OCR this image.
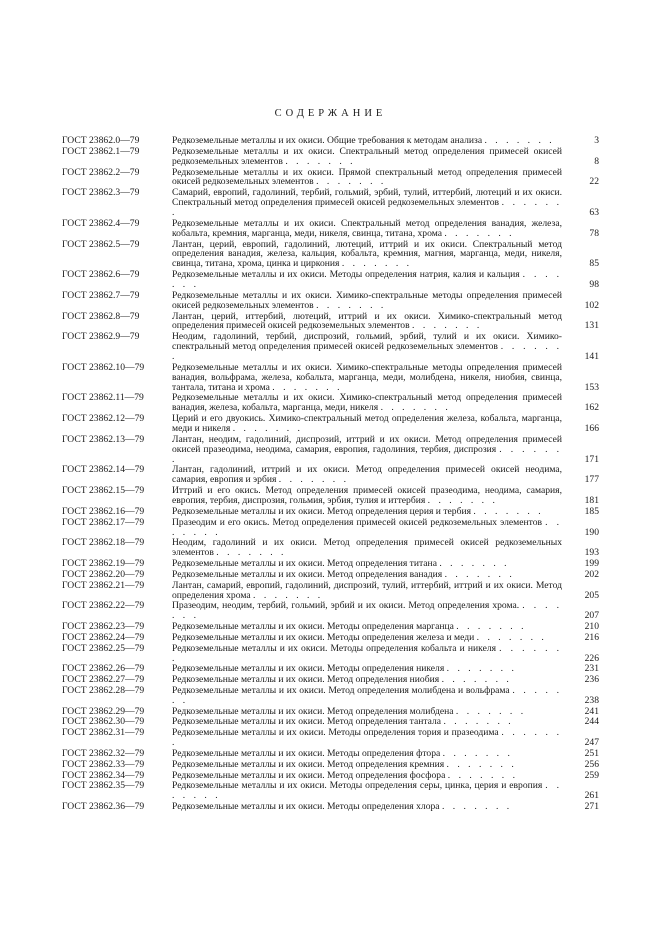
СОДЕРЖАНИЕ
ГОСТ 23862.0—79	Редкоземельные металлы и их окиси. Общие требования к методам анализа . . . . . . .	3
ГОСТ 23862.1—79	Редкоземельные металлы и их окиси. Спектральный метод определения примесей окисей редкоземельных элементов . . . . . . .	8
ГОСТ 23862.2—79	Редкоземельные металлы и их окиси. Прямой спектральный метод определения примесей окисей редкоземельных элементов . . . . . . .	22
ГОСТ 23862.3—79	Самарий, европий, гадолиний, тербий, гольмий, эрбий, тулий, иттербий, лютеций и их окиси. Спектральный метод определения примесей окисей редкоземельных элементов . . . . . . .	63
ГОСТ 23862.4—79	Редкоземельные металлы и их окиси. Спектральный метод определения ванадия, железа, кобальта, кремния, марганца, меди, никеля, свинца, титана, хрома . . . . . . .	78
ГОСТ 23862.5—79	Лантан, церий, европий, гадолиний, лютеций, иттрий и их окиси. Спектральный метод определения ванадия, железа, кальция, кобальта, кремния, магния, марганца, меди, никеля, свинца, титана, хрома, цинка и циркония . . . . . . .	85
ГОСТ 23862.6—79	Редкоземельные металлы и их окиси. Методы определения натрия, калия и кальция . . . . . . .	98
ГОСТ 23862.7—79	Редкоземельные металлы и их окиси. Химико-спектральные методы определения примесей окисей редкоземельных элементов . . . . . . .	102
ГОСТ 23862.8—79	Лантан, церий, иттербий, лютеций, иттрий и их окиси. Химико-спектральный метод определения примесей окисей редкоземельных элементов . . . . . . .	131
ГОСТ 23862.9—79	Неодим, гадолиний, тербий, диспрозий, гольмий, эрбий, тулий и их окиси. Химико-спектральный метод определения примесей окисей редкоземельных элементов . . . . . . .	141
ГОСТ 23862.10—79	Редкоземельные металлы и их окиси. Химико-спектральные методы определения примесей ванадия, вольфрама, железа, кобальта, марганца, меди, молибдена, никеля, ниобия, свинца, тантала, титана и хрома . . . . . . .	153
ГОСТ 23862.11—79	Редкоземельные металлы и их окиси. Химико-спектральный метод определения примесей ванадия, железа, кобальта, марганца, меди, никеля . . . . . . .	162
ГОСТ 23862.12—79	Церий и его двуокись. Химико-спектральный метод определения железа, кобальта, марганца, меди и никеля . . . . . . .	166
ГОСТ 23862.13—79	Лантан, неодим, гадолиний, диспрозий, иттрий и их окиси. Метод определения примесей окисей празеодима, неодима, самария, европия, гадолиния, тербия, диспрозия . . . . . . .	171
ГОСТ 23862.14—79	Лантан, гадолиний, иттрий и их окиси. Метод определения примесей окисей неодима, самария, европия и эрбия . . . . . . .	177
ГОСТ 23862.15—79	Иттрий и его окись. Метод определения примесей окисей празеодима, неодима, самария, европия, тербия, диспрозия, гольмия, эрбия, тулия и иттербия . . . . . . .	181
ГОСТ 23862.16—79	Редкоземельные металлы и их окиси. Метод определения церия и тербия . . . . . . .	185
ГОСТ 23862.17—79	Празеодим и его окись. Метод определения примесей окисей редкоземельных элементов . . . . . . .	190
ГОСТ 23862.18—79	Неодим, гадолиний и их окиси. Метод определения примесей окисей редкоземельных элементов . . . . . . .	193
ГОСТ 23862.19—79	Редкоземельные металлы и их окиси. Метод определения титана . . . . . . .	199
ГОСТ 23862.20—79	Редкоземельные металлы и их окиси. Метод определения ванадия . . . . . . .	202
ГОСТ 23862.21—79	Лантан, самарий, европий, гадолиний, диспрозий, тулий, иттербий, иттрий и их окиси. Метод определения хрома . . . . . . .	205
ГОСТ 23862.22—79	Празеодим, неодим, тербий, гольмий, эрбий и их окиси. Метод определения хрома. . . . . . . .	207
ГОСТ 23862.23—79	Редкоземельные металлы и их окиси. Методы определения марганца . . . . . . .	210
ГОСТ 23862.24—79	Редкоземельные металлы и их окиси. Методы определения железа и меди . . . . . . .	216
ГОСТ 23862.25—79	Редкоземельные металлы и их окиси. Методы определения кобальта и никеля . . . . . . .	226
ГОСТ 23862.26—79	Редкоземельные металлы и их окиси. Методы определения никеля . . . . . . .	231
ГОСТ 23862.27—79	Редкоземельные металлы и их окиси. Метод определения ниобия . . . . . . .	236
ГОСТ 23862.28—79	Редкоземельные металлы и их окиси. Метод определения молибдена и вольфрама . . . . . . .	238
ГОСТ 23862.29—79	Редкоземельные металлы и их окиси. Метод определения молибдена . . . . . . .	241
ГОСТ 23862.30—79	Редкоземельные металлы и их окиси. Метод определения тантала . . . . . . .	244
ГОСТ 23862.31—79	Редкоземельные металлы и их окиси. Методы определения тория и празеодима . . . . . . .	247
ГОСТ 23862.32—79	Редкоземельные металлы и их окиси. Методы определения фтора . . . . . . .	251
ГОСТ 23862.33—79	Редкоземельные металлы и их окиси. Метод определения кремния . . . . . . .	256
ГОСТ 23862.34—79	Редкоземельные металлы и их окиси. Метод определения фосфора . . . . . . .	259
ГОСТ 23862.35—79	Редкоземельные металлы и их окиси. Методы определения серы, цинка, церия и европия . . . . . . .	261
ГОСТ 23862.36—79	Редкоземельные металлы и их окиси. Методы определения хлора . . . . . . .	271
